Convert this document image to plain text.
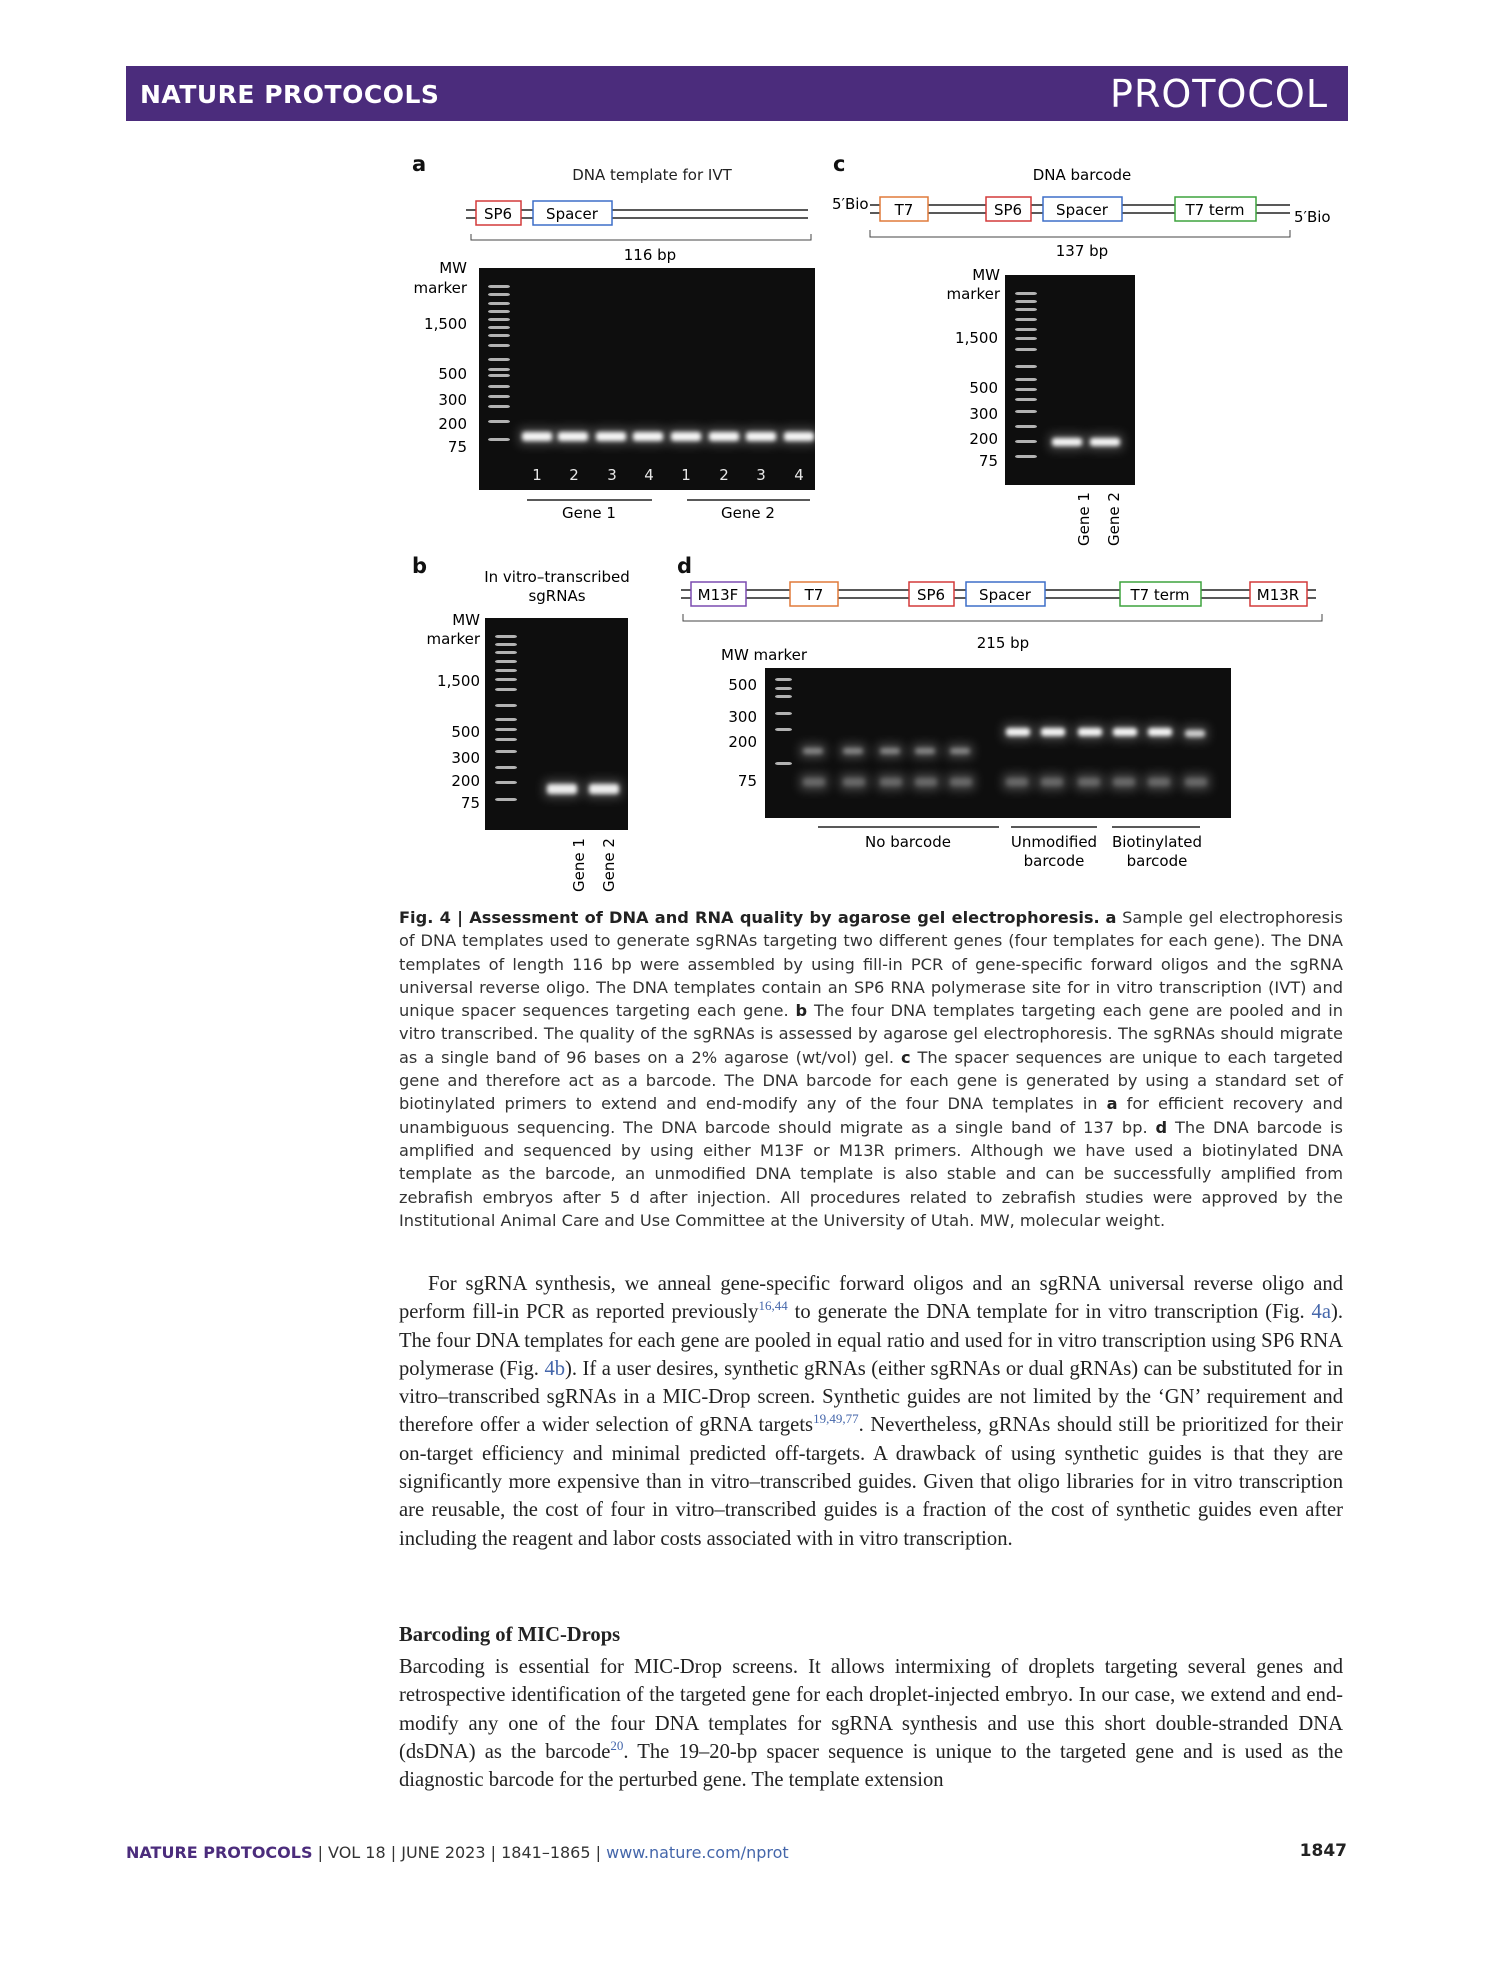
NATURE PROTOCOLS	PROTOCOL
a	DNA template for IVT
SP6 Spacer
116 bp
MW
marker
1,500
500
300
200
75
1 2 3 4 1 2 3 4
Gene 1	Gene 2
c	DNA barcode
5′Bio
5′Bio
T7	SP6 Spacer	T7 term
137 bp
MW
marker
1,500
500
300
200
75
Gene 1 Gene 2
b	In vitro–transcribed
sgRNAs
MW
marker
1,500
500
300
200
75
Gene 1 Gene 2
d
M13F	T7	SP6 Spacer	T7 term	M13R
215 bp
MW marker
500
300
200
75
No barcode	Unmodified
barcode
Biotinylated
barcode
Fig. 4 | Assessment of DNA and RNA quality by agarose gel electrophoresis. a Sample gel electrophoresis of DNA templates used to generate sgRNAs targeting two different genes (four templates for each gene). The DNA templates of length 116 bp were assembled by using fill-in PCR of gene-specific forward oligos and the sgRNA universal reverse oligo. The DNA templates contain an SP6 RNA polymerase site for in vitro transcription (IVT) and unique spacer sequences targeting each gene. b The four DNA templates targeting each gene are pooled and in vitro transcribed. The quality of the sgRNAs is assessed by agarose gel electrophoresis. The sgRNAs should migrate as a single band of 96 bases on a 2% agarose (wt/vol) gel. c The spacer sequences are unique to each targeted gene and therefore act as a barcode. The DNA barcode for each gene is generated by using a standard set of biotinylated primers to extend and end-modify any of the four DNA templates in a for efficient recovery and unambiguous sequencing. The DNA barcode should migrate as a single band of 137 bp. d The DNA barcode is amplified and sequenced by using either M13F or M13R primers. Although we have used a biotinylated DNA template as the barcode, an unmodified DNA template is also stable and can be successfully amplified from zebrafish embryos after 5 d after injection. All procedures related to zebrafish studies were approved by the Institutional Animal Care and Use Committee at the University of Utah. MW, molecular weight.

For sgRNA synthesis, we anneal gene-specific forward oligos and an sgRNA universal reverse oligo and perform fill-in PCR as reported previously$^{16,44}$ to generate the DNA template for in vitro transcription (Fig. 4a). The four DNA templates for each gene are pooled in equal ratio and used for in vitro transcription using SP6 RNA polymerase (Fig. 4b). If a user desires, synthetic gRNAs (either sgRNAs or dual gRNAs) can be substituted for in vitro–transcribed sgRNAs in a MIC-Drop screen. Synthetic guides are not limited by the ‘GN’ requirement and therefore offer a wider selection of gRNA targets$^{19,49,77}$. Nevertheless, gRNAs should still be prioritized for their on-target efficiency and minimal predicted off-targets. A drawback of using synthetic guides is that they are significantly more expensive than in vitro–transcribed guides. Given that oligo libraries for in vitro transcription are reusable, the cost of four in vitro–transcribed guides is a fraction of the cost of synthetic guides even after including the reagent and labor costs associated with in vitro transcription.

Barcoding of MIC-Drops

Barcoding is essential for MIC-Drop screens. It allows intermixing of droplets targeting several genes and retrospective identification of the targeted gene for each droplet-injected embryo. In our case, we extend and end-modify any one of the four DNA templates for sgRNA synthesis and use this short double-stranded DNA (dsDNA) as the barcode$^{20}$. The 19–20-bp spacer sequence is unique to the targeted gene and is used as the diagnostic barcode for the perturbed gene. The template extension

NATURE PROTOCOLS | VOL 18 | JUNE 2023 | 1841–1865 | www.nature.com/nprot	1847
